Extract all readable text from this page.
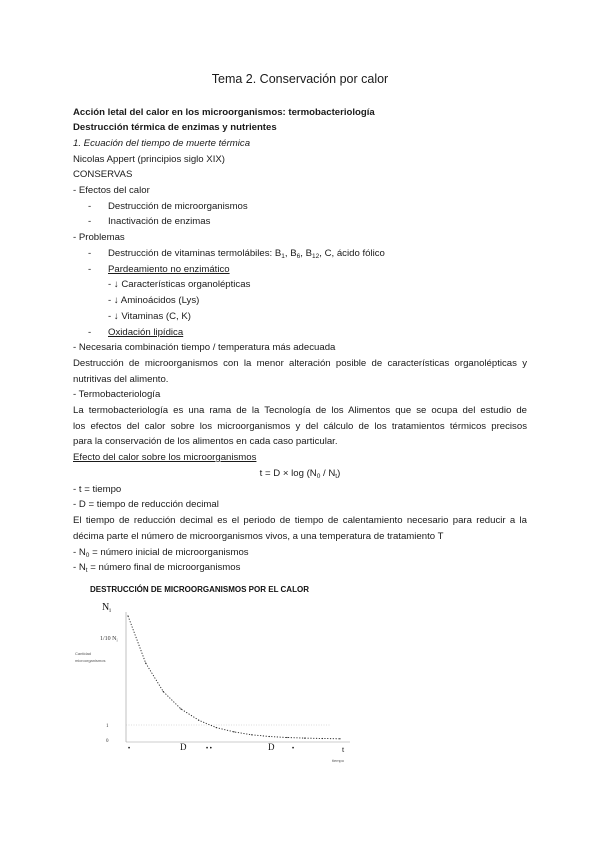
Tema 2. Conservación por calor
Acción letal del calor en los microorganismos: termobacteriología
Destrucción térmica de enzimas y nutrientes
1. Ecuación del tiempo de muerte térmica
Nicolas Appert (principios siglo XIX)
CONSERVAS
- Efectos del calor
- Destrucción de microorganismos
- Inactivación de enzimas
- Problemas
- Destrucción de vitaminas termolábiles: $B_1$, $B_6$, $B_{12}$, C, ácido fólico
- Pardeamiento no enzimático
- ↓ Características organolépticas
- ↓ Aminoácidos (Lys)
- ↓ Vitaminas (C, K)
- Oxidación lipídica
- Necesaria combinación tiempo / temperatura más adecuada
Destrucción de microorganismos con la menor alteración posible de características organolépticas y
nutritivas del alimento.
- Termobacteriología
La termobacteriología es una rama de la Tecnología de los Alimentos que se ocupa del estudio de
los efectos del calor sobre los microorganismos y del cálculo de los tratamientos térmicos precisos
para la conservación de los alimentos en cada caso particular.
Efecto del calor sobre los microorganismos
$t = D \times \log (N_0 / N_t)$
- t = tiempo
- D = tiempo de reducción decimal
El tiempo de reducción decimal es el periodo de tiempo de calentamiento necesario para reducir a la
décima parte el número de microorganismos vivos, a una temperatura de tratamiento T
- $N_0$ = número inicial de microorganismos
- $N_t$ = número final de microorganismos
DESTRUCCIÓN DE MICROORGANISMOS POR EL CALOR
$N_i$
1/10 $N_i$
Cantidad
microorganismos
1
0
•	D	• •	D	•	t
tiempo
